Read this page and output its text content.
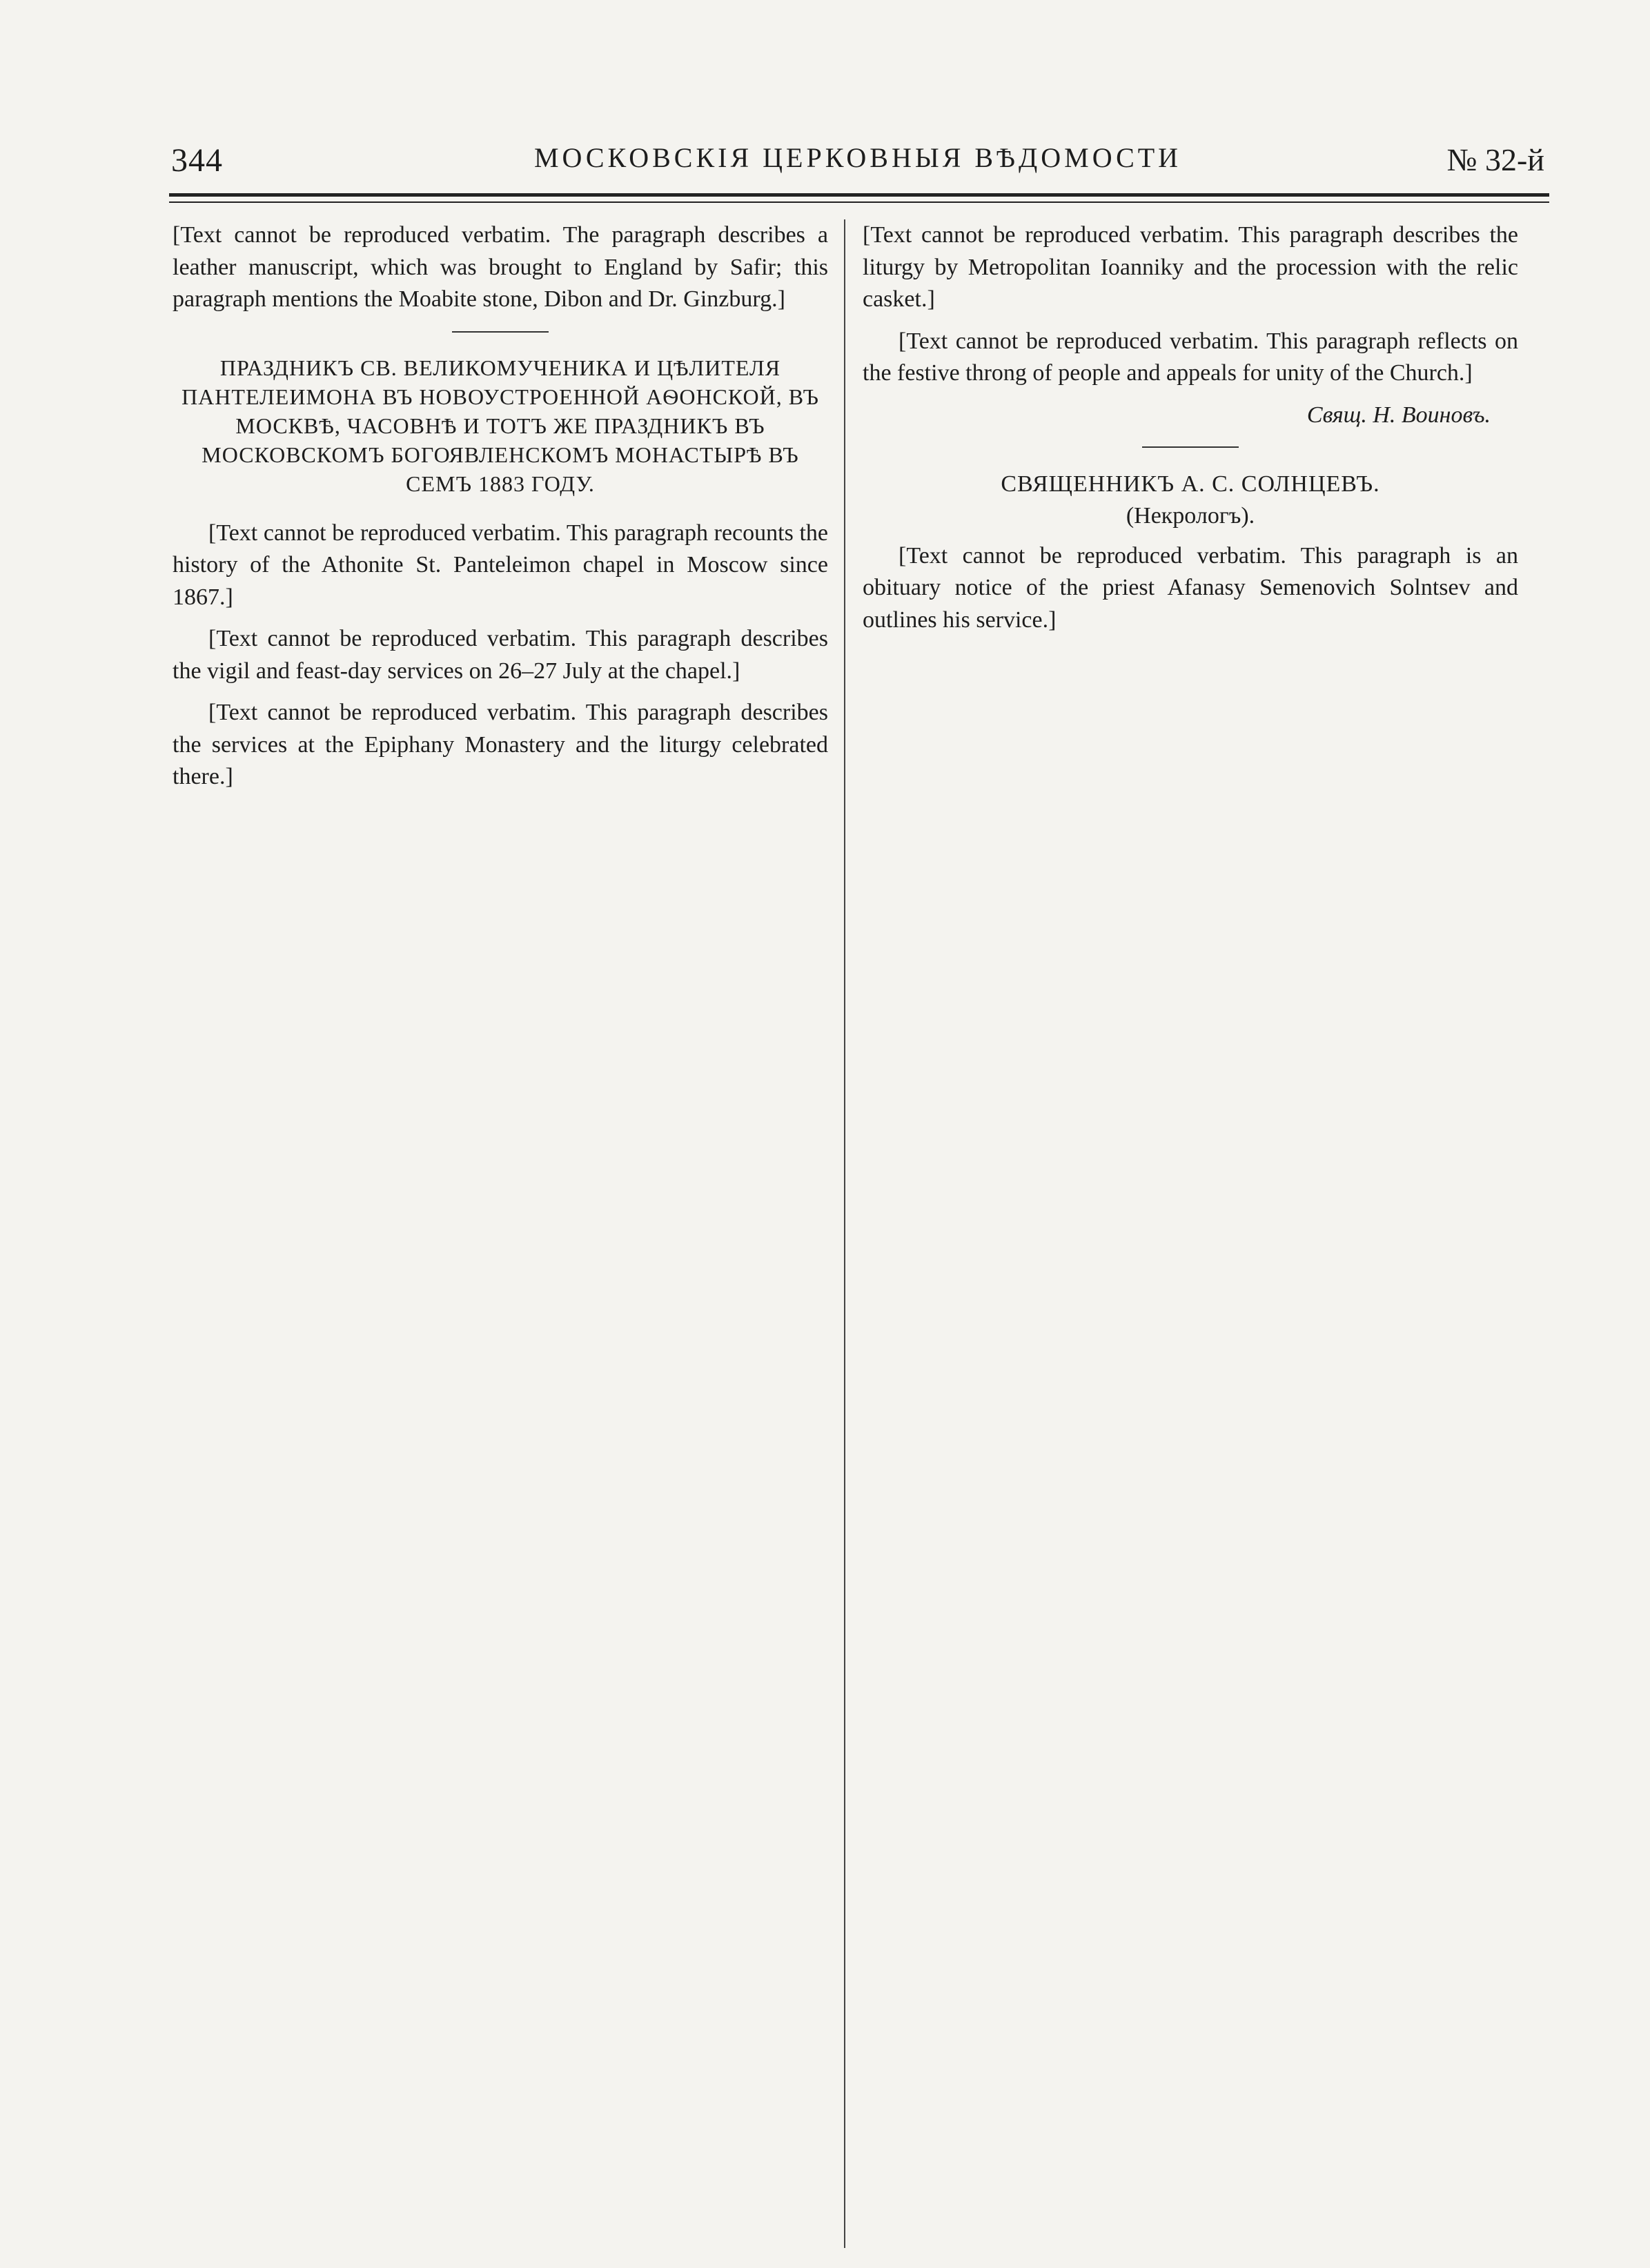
344	МОСКОВСКІЯ ЦЕРКОВНЫЯ ВѢДОМОСТИ	№ 32-й

[Text cannot be reproduced verbatim. The paragraph describes a leather manuscript, which was brought to England by Safir; this paragraph mentions the Moabite stone, Dibon and Dr. Ginzburg.]

ПРАЗДНИКЪ СВ. ВЕЛИКОМУЧЕНИКА И ЦѢЛИТЕЛЯ ПАНТЕЛЕИМОНА ВЪ НОВОУСТРОЕННОЙ АѲОНСКОЙ, ВЪ МОСКВѢ, ЧАСОВНѢ И ТОТЪ ЖЕ ПРАЗДНИКЪ ВЪ МОСКОВСКОМЪ БОГОЯВЛЕНСКОМЪ МОНАСТЫРѢ ВЪ СЕМЪ 1883 ГОДУ.

[Text cannot be reproduced verbatim. This paragraph recounts the history of the Athonite St. Panteleimon chapel in Moscow since 1867.]

[Text cannot be reproduced verbatim. This paragraph describes the vigil and feast-day services on 26–27 July at the chapel.]

[Text cannot be reproduced verbatim. This paragraph describes the services at the Epiphany Monastery and the liturgy celebrated there.]

[Text cannot be reproduced verbatim. This paragraph describes the liturgy by Metropolitan Ioanniky and the procession with the relic casket.]

[Text cannot be reproduced verbatim. This paragraph reflects on the festive throng of people and appeals for unity of the Church.]

Свящ. Н. Воиновъ.

СВЯЩЕННИКЪ А. С. СОЛНЦЕВЪ.

(Некрологъ).

[Text cannot be reproduced verbatim. This paragraph is an obituary notice of the priest Afanasy Semenovich Solntsev and outlines his service.]
